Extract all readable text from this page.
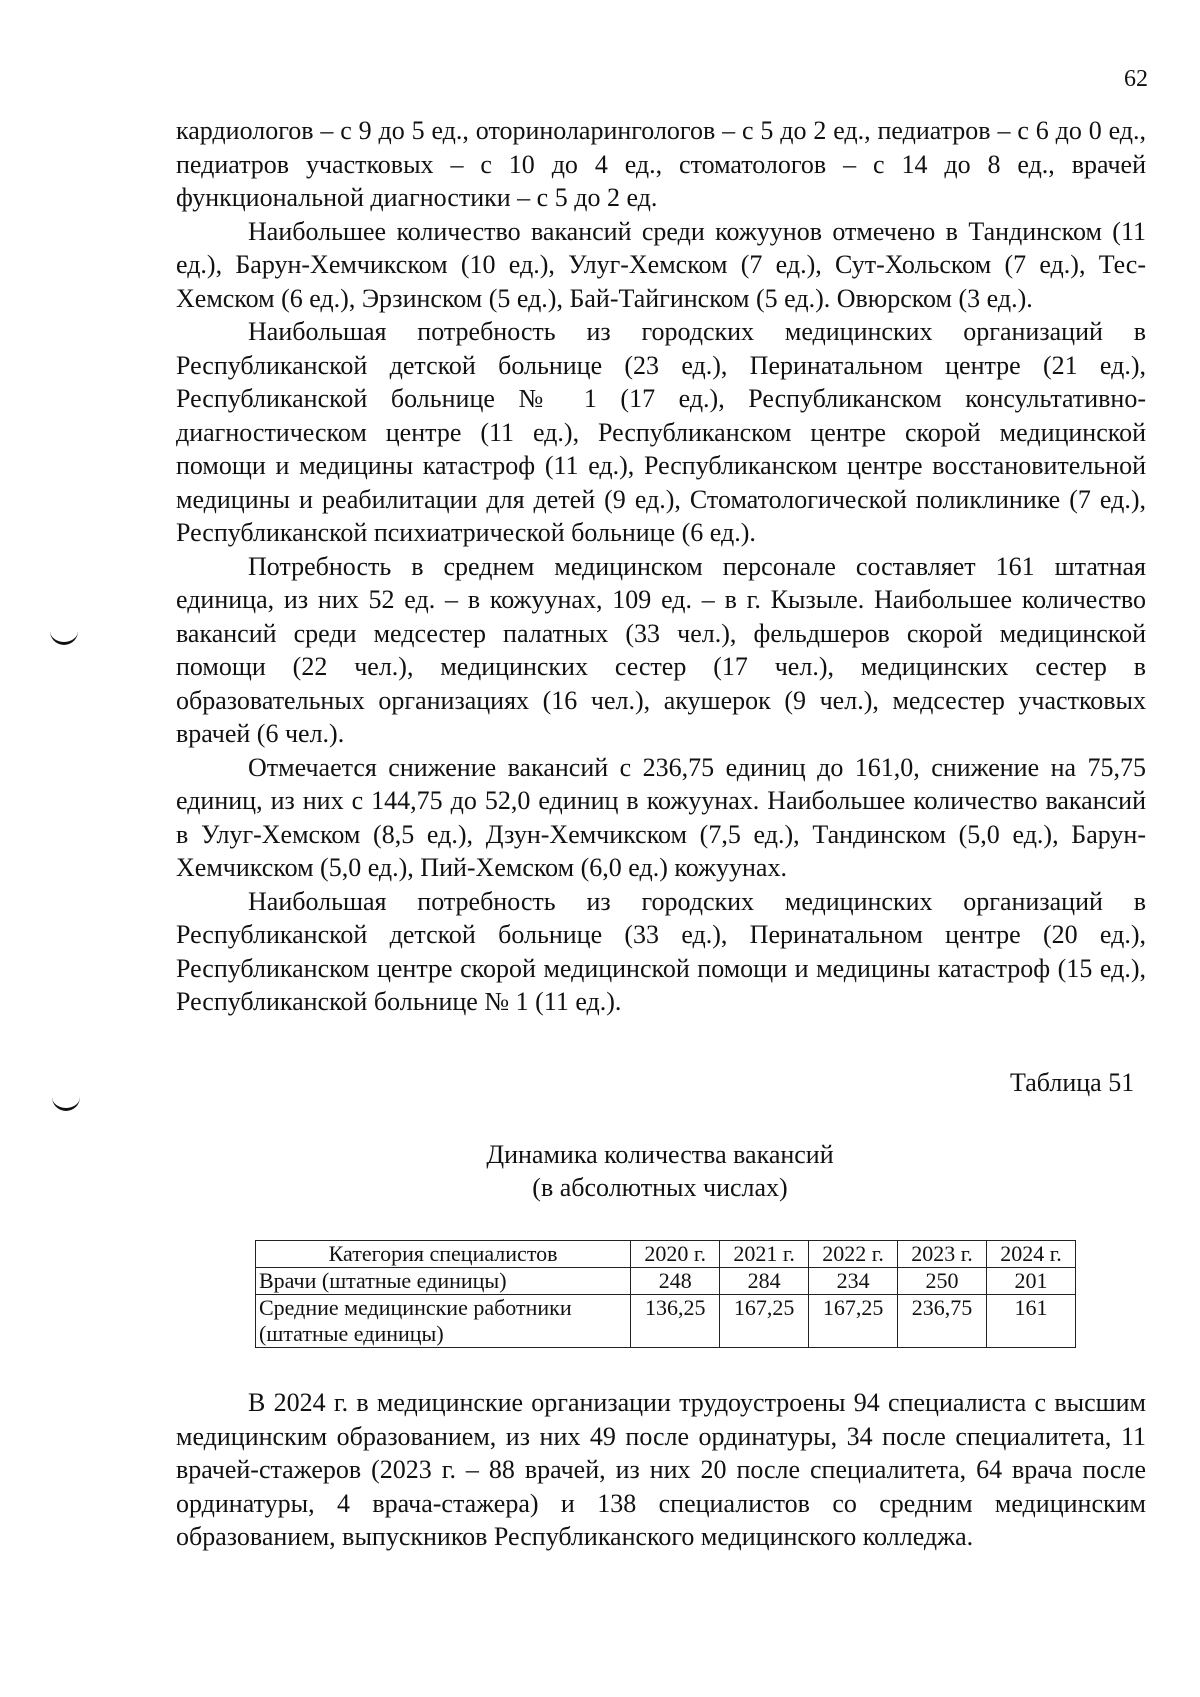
62

кардиологов – с 9 до 5 ед., оториноларингологов – с 5 до 2 ед., педиатров – с 6 до 0 ед., педиатров участковых – с 10 до 4 ед., стоматологов – с 14 до 8 ед., врачей функциональной диагностики – с 5 до 2 ед.

Наибольшее количество вакансий среди кожуунов отмечено в Тандинском (11 ед.), Барун-Хемчикском (10 ед.), Улуг-Хемском (7 ед.), Сут-Хольском (7 ед.), Тес-Хемском (6 ед.), Эрзинском (5 ед.), Бай-Тайгинском (5 ед.). Овюрском (3 ед.).

Наибольшая потребность из городских медицинских организаций в Республиканской детской больнице (23 ед.), Перинатальном центре (21 ед.), Республиканской больнице № 1 (17 ед.), Республиканском консультативно-диагностическом центре (11 ед.), Республиканском центре скорой медицинской помощи и медицины катастроф (11 ед.), Республиканском центре восстановительной медицины и реабилитации для детей (9 ед.), Стоматологической поликлинике (7 ед.), Республиканской психиатрической больнице (6 ед.).

Потребность в среднем медицинском персонале составляет 161 штатная единица, из них 52 ед. – в кожуунах, 109 ед. – в г. Кызыле. Наибольшее количество вакансий среди медсестер палатных (33 чел.), фельдшеров скорой медицинской помощи (22 чел.), медицинских сестер (17 чел.), медицинских сестер в образовательных организациях (16 чел.), акушерок (9 чел.), медсестер участковых врачей (6 чел.).

Отмечается снижение вакансий с 236,75 единиц до 161,0, снижение на 75,75 единиц, из них с 144,75 до 52,0 единиц в кожуунах. Наибольшее количество вакансий в Улуг-Хемском (8,5 ед.), Дзун-Хемчикском (7,5 ед.), Тандинском (5,0 ед.), Барун-Хемчикском (5,0 ед.), Пий-Хемском (6,0 ед.) кожуунах.

Наибольшая потребность из городских медицинских организаций в Республиканской детской больнице (33 ед.), Перинатальном центре (20 ед.), Республиканском центре скорой медицинской помощи и медицины катастроф (15 ед.), Республиканской больнице № 1 (11 ед.).

Таблица 51
Динамика количества вакансий
(в абсолютных числах)
Категория специалистов	2020 г.	2021 г.	2022 г.	2023 г.	2024 г.
Врачи (штатные единицы)	248	284	234	250	201
Средние медицинские работники (штатные единицы)	136,25	167,25	167,25	236,75	161

В 2024 г. в медицинские организации трудоустроены 94 специалиста с высшим медицинским образованием, из них 49 после ординатуры, 34 после специалитета, 11 врачей-стажеров (2023 г. – 88 врачей, из них 20 после специалитета, 64 врача после ординатуры, 4 врача-стажера) и 138 специалистов со средним медицинским образованием, выпускников Республиканского медицинского колледжа.
